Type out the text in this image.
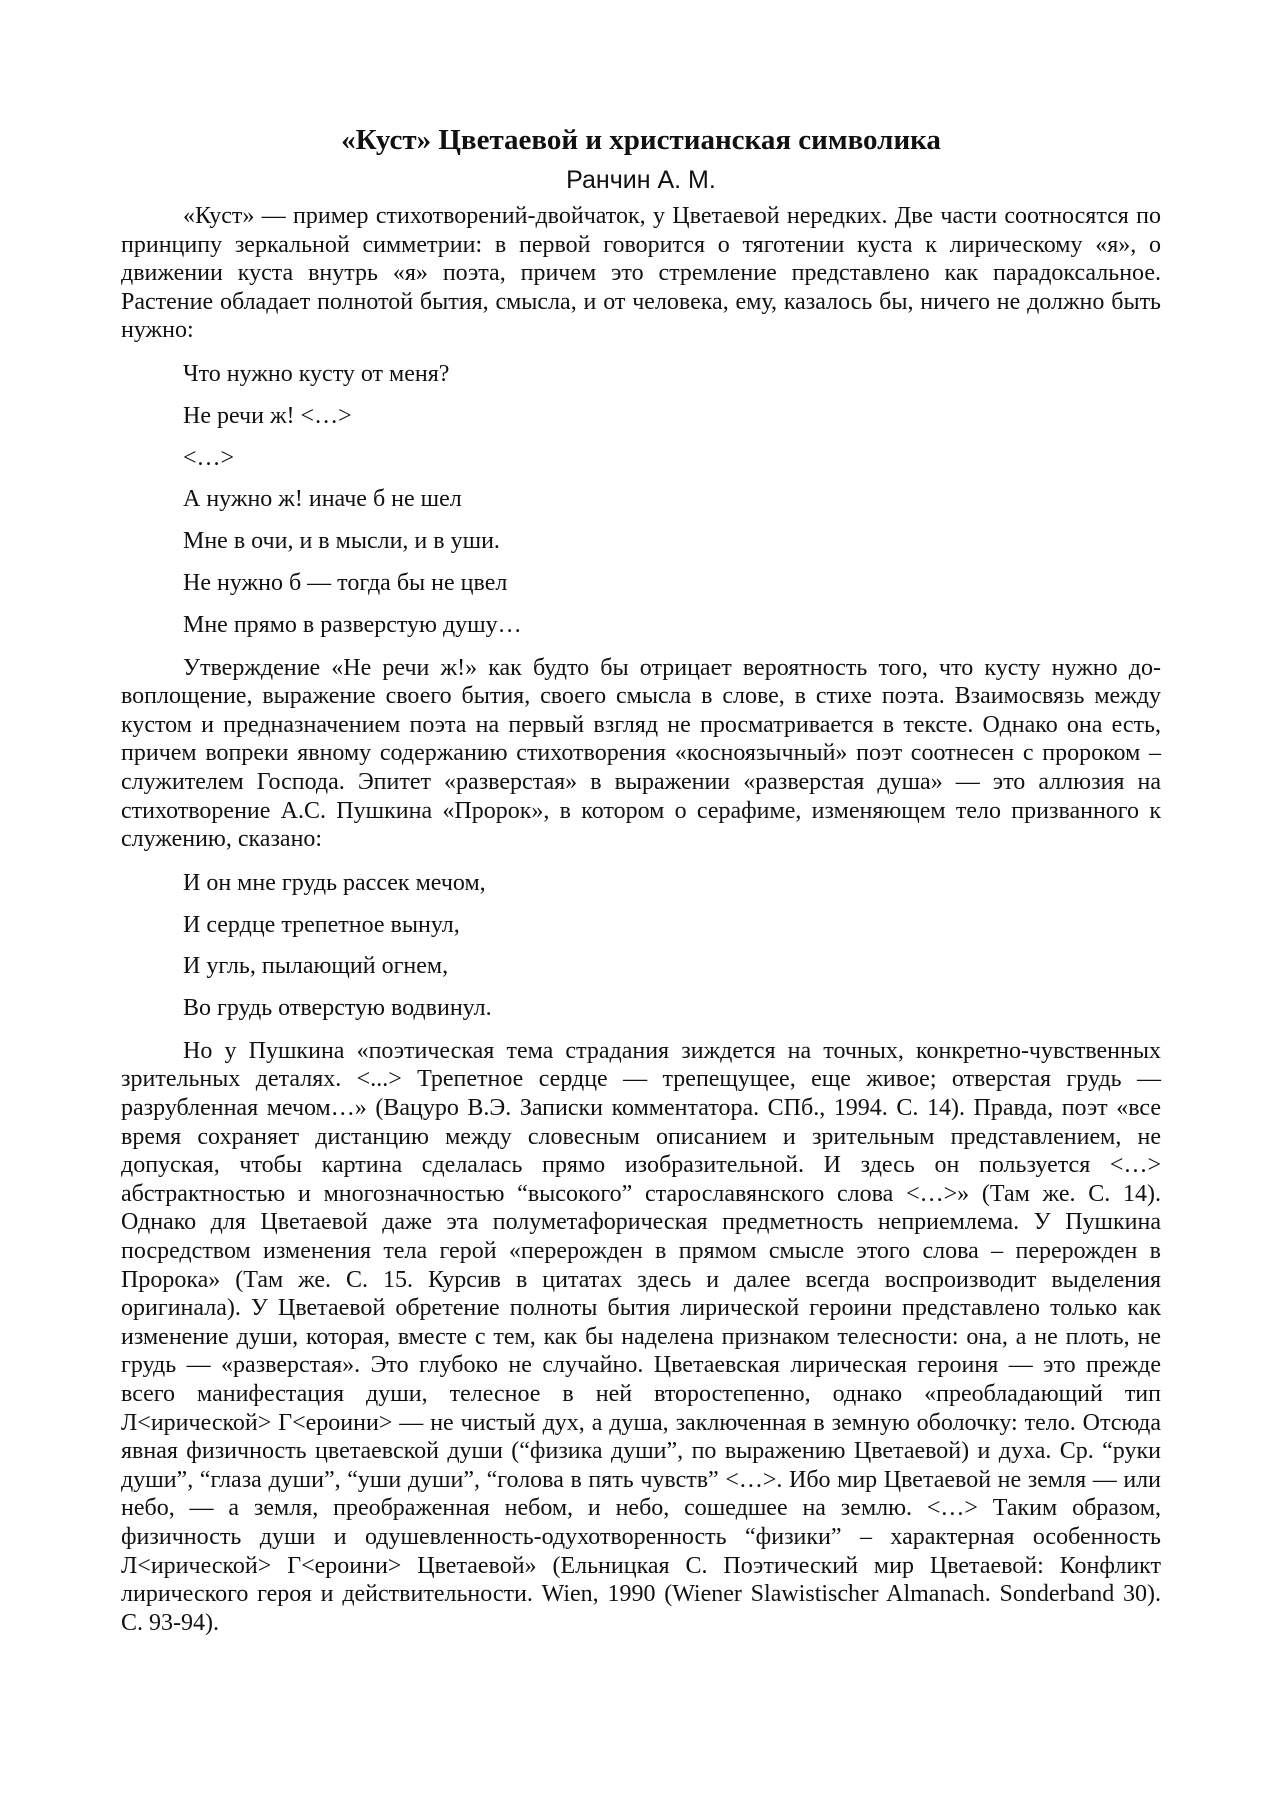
«Куст» Цветаевой и христианская символика
Ранчин А. М.

«Куст» — пример стихотворений-двойчаток, у Цветаевой нередких. Две части соотносятся по принципу зеркальной симметрии: в первой говорится о тяготении куста к лирическому «я», о движении куста внутрь «я» поэта, причем это стремление представлено как парадоксальное. Растение обладает полнотой бытия, смысла, и от человека, ему, казалось бы, ничего не должно быть нужно:

Что нужно кусту от меня?
Не речи ж! <…>
<…>
А нужно ж! иначе б не шел
Мне в очи, и в мысли, и в уши.
Не нужно б — тогда бы не цвел
Мне прямо в разверстую душу…

Утверждение «Не речи ж!» как будто бы отрицает вероятность того, что кусту нужно до-воплощение, выражение своего бытия, своего смысла в слове, в стихе поэта. Взаимосвязь между кустом и предназначением поэта на первый взгляд не просматривается в тексте. Однако она есть, причем вопреки явному содержанию стихотворения «косноязычный» поэт соотнесен с пророком – служителем Господа. Эпитет «разверстая» в выражении «разверстая душа» — это аллюзия на стихотворение А.С. Пушкина «Пророк», в котором о серафиме, изменяющем тело призванного к служению, сказано:

И он мне грудь рассек мечом,
И сердце трепетное вынул,
И угль, пылающий огнем,
Во грудь отверстую водвинул.

Но у Пушкина «поэтическая тема страдания зиждется на точных, конкретно-чувственных зрительных деталях. <...> Трепетное сердце — трепещущее, еще живое; отверстая грудь — разрубленная мечом…» (Вацуро В.Э. Записки комментатора. СПб., 1994. С. 14). Правда, поэт «все время сохраняет дистанцию между словесным описанием и зрительным представлением, не допуская, чтобы картина сделалась прямо изобразительной. И здесь он пользуется <…> абстрактностью и многозначностью “высокого” старославянского слова <…>» (Там же. С. 14). Однако для Цветаевой даже эта полуметафорическая предметность неприемлема. У Пушкина посредством изменения тела герой «перерожден в прямом смысле этого слова – перерожден в Пророка» (Там же. С. 15. Курсив в цитатах здесь и далее всегда воспроизводит выделения оригинала). У Цветаевой обретение полноты бытия лирической героини представлено только как изменение души, которая, вместе с тем, как бы наделена признаком телесности: она, а не плоть, не грудь — «разверстая». Это глубоко не случайно. Цветаевская лирическая героиня — это прежде всего манифестация души, телесное в ней второстепенно, однако «преобладающий тип Л<ирической> Г<ероини> — не чистый дух, а душа, заключенная в земную оболочку: тело. Отсюда явная физичность цветаевской души (“физика души”, по выражению Цветаевой) и духа. Ср. “руки души”, “глаза души”, “уши души”, “голова в пять чувств” <…>. Ибо мир Цветаевой не земля — или небо, — а земля, преображенная небом, и небо, сошедшее на землю. <…> Таким образом, физичность души и одушевленность-одухотворенность “физики” – характерная особенность Л<ирической> Г<ероини> Цветаевой» (Ельницкая С. Поэтический мир Цветаевой: Конфликт лирического героя и действительности. Wien, 1990 (Wiener Slawistischer Almanach. Sonderband 30). С. 93-94).
